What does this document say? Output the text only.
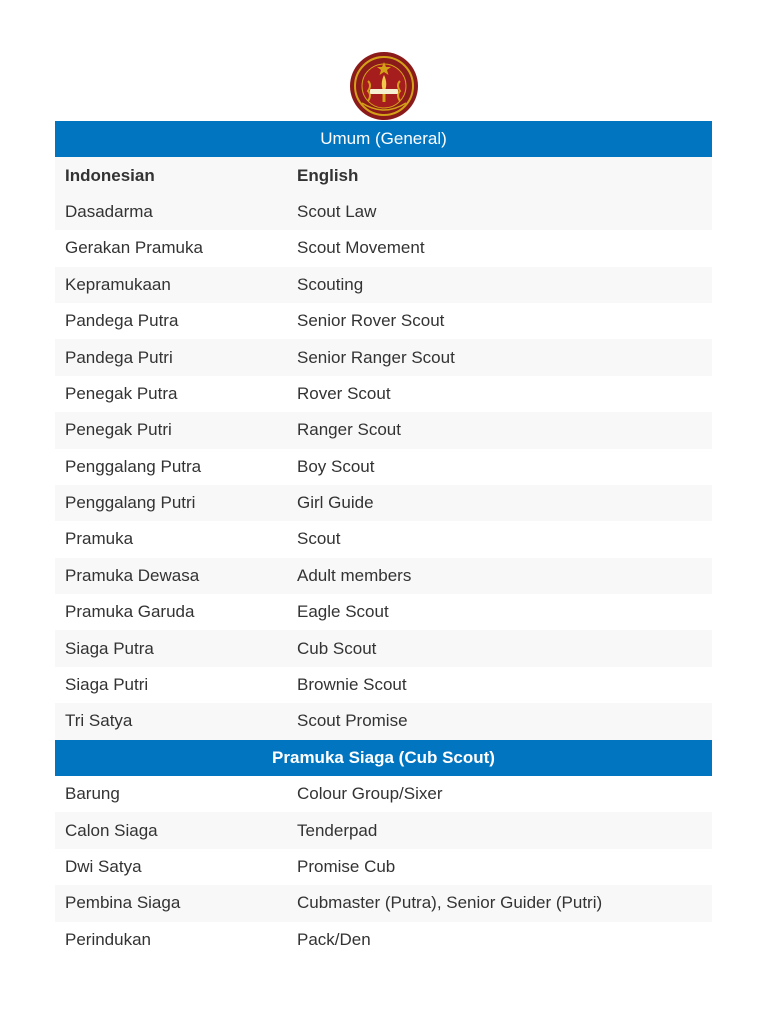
Umum (General)	
Indonesian	English
Dasadarma	Scout Law
Gerakan Pramuka	Scout Movement
Kepramukaan	Scouting
Pandega Putra	Senior Rover Scout
Pandega Putri	Senior Ranger Scout
Penegak Putra	Rover Scout
Penegak Putri	Ranger Scout
Penggalang Putra	Boy Scout
Penggalang Putri	Girl Guide
Pramuka	Scout
Pramuka Dewasa	Adult members
Pramuka Garuda	Eagle Scout
Siaga Putra	Cub Scout
Siaga Putri	Brownie Scout
Tri Satya	Scout Promise
Pramuka Siaga (Cub Scout)	
Barung	Colour Group/Sixer
Calon Siaga	Tenderpad
Dwi Satya	Promise Cub
Pembina Siaga	Cubmaster (Putra), Senior Guider (Putri)
Perindukan	Pack/Den
